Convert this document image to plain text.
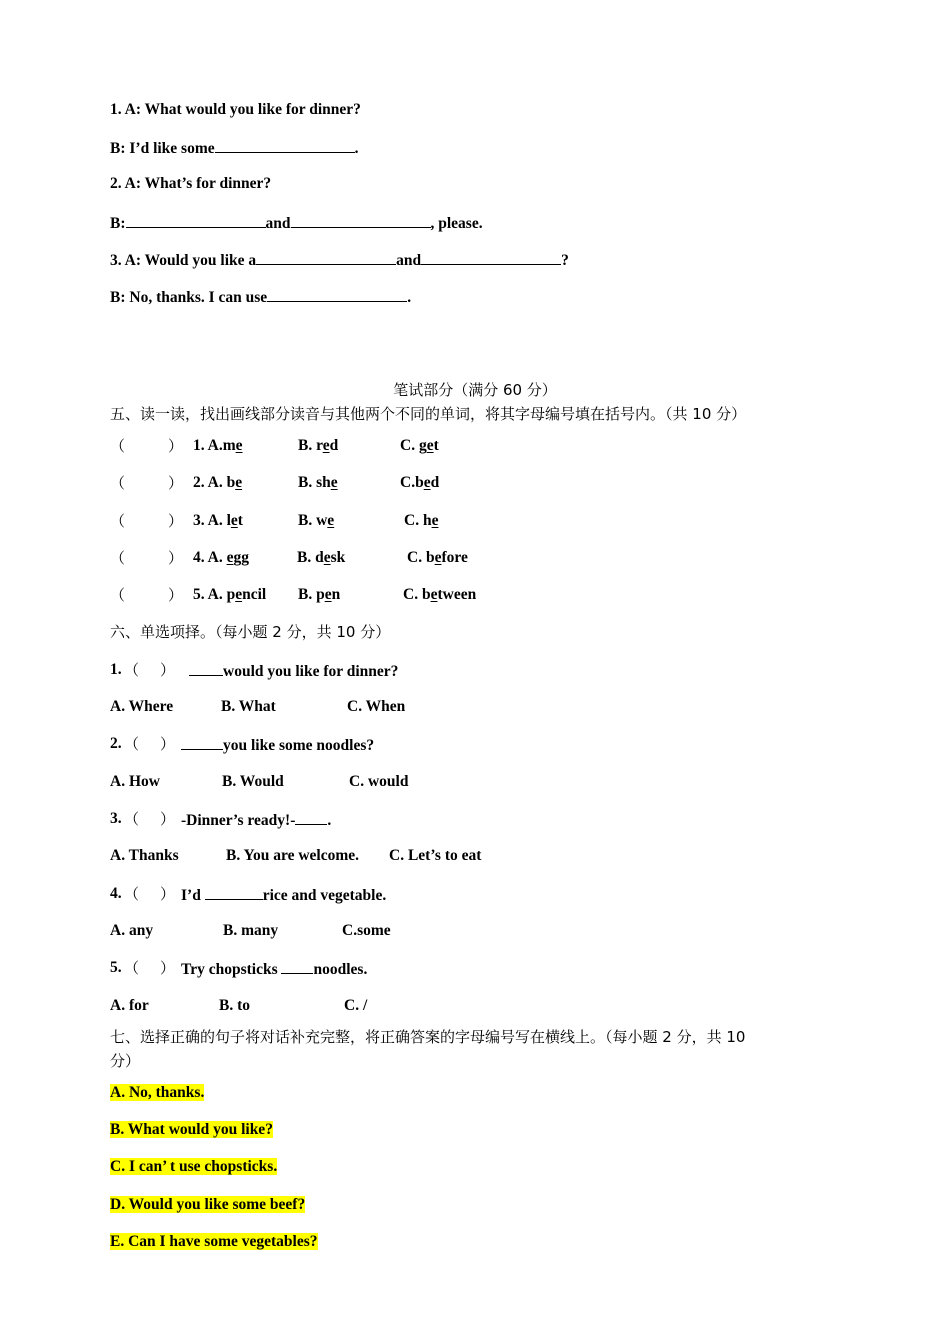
1. A: What would you like for dinner?
B: I’d like some	.
2. A: What’s for dinner?
B:	and	, please.
3. A: Would you like a	and	?
B: No, thanks. I can use	.
笔试部分（满分 60 分）
五、读一读，找出画线部分读音与其他两个不同的单词，将其字母编号填在括号内。（共 10 分）
（	） 1. A.me	B. red	C. get
（	） 2. A. be	B. she	C.bed
（	） 3. A. let	B. we	C. he
（	） 4. A. egg	B. desk	C. before
（	） 5. A. pencil B. pen	C. between
六、单选项择。（每小题 2 分，共 10 分）
1. （ ）	would you like for dinner?
A. Where	B. What	C. When
2. （ ）	you like some noodles?
A. How	B. Would	C. would
3. （ ） -Dinner’s ready!- .
A. Thanks	B. You are welcome. C. Let’s to eat
4. （ ） I’d	rice and vegetable.
A. any	B. many	C.some
5. （ ） Try chopsticks noodles.
A. for	B. to	C. /
七、选择正确的句子将对话补充完整，将正确答案的字母编号写在横线上。（每小题 2 分，共 10
分）
A. No, thanks.
B. What would you like?
C. I can’ t use chopsticks.
D. Would you like some beef?
E. Can I have some vegetables?
